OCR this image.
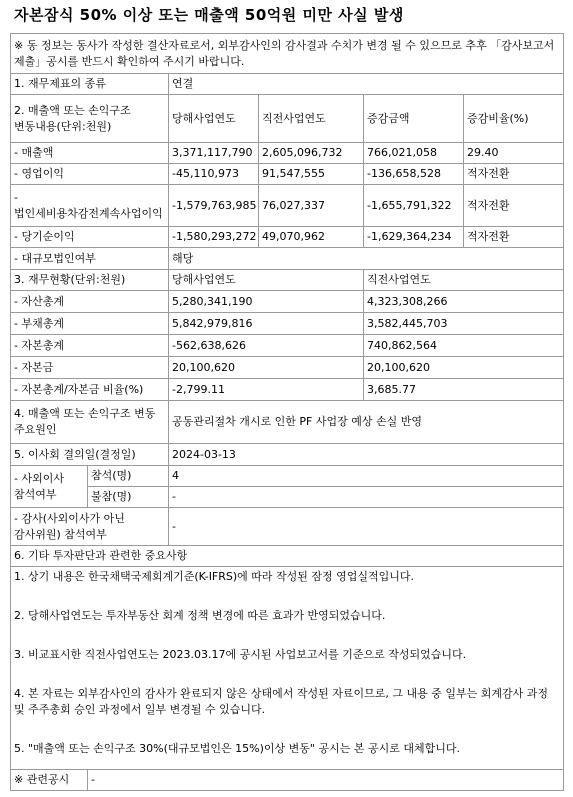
자본잠식 50% 이상 또는 매출액 50억원 미만 사실 발생
※ 동 정보는 동사가 작성한 결산자료로서, 외부감사인의 감사결과 수치가 변경 될 수 있으므로 추후 「감사보고서 제출」공시를 반드시 확인하여 주시기 바랍니다.					
1. 재무제표의 종류		연결			
2. 매출액 또는 손익구조 변동내용(단위:천원)		당해사업연도	직전사업연도	증감금액	증감비율(%)
- 매출액		3,371,117,790	2,605,096,732	766,021,058	29.40
- 영업이익		-45,110,973	91,547,555	-136,658,528	적자전환
- 법인세비용차감전계속사업이익		-1,579,763,985	76,027,337	-1,655,791,322	적자전환
- 당기순이익		-1,580,293,272	49,070,962	-1,629,364,234	적자전환
- 대규모법인여부		해당			
3. 재무현황(단위:천원)		당해사업연도		직전사업연도	
- 자산총계		5,280,341,190		4,323,308,266	
- 부채총계		5,842,979,816		3,582,445,703	
- 자본총계		-562,638,626		740,862,564	
- 자본금		20,100,620		20,100,620	
- 자본총계/자본금 비율(%)		-2,799.11		3,685.77	
4. 매출액 또는 손익구조 변동 주요원인		공동관리절차 개시로 인한 PF 사업장 예상 손실 반영			
5. 이사회 결의일(결정일)		2024-03-13			
- 사외이사 참석여부	참석(명)	4			
	불참(명)	-			
- 감사(사외이사가 아닌 감사위원) 참석여부		-			
6. 기타 투자판단과 관련한 중요사항					

1. 상기 내용은 한국채택국제회계기준(K-IFRS)에 따라 작성된 잠정 영업실적입니다.
2. 당해사업연도는 투자부동산 회계 정책 변경에 따른 효과가 반영되었습니다.
3. 비교표시한 직전사업연도는 2023.03.17에 공시된 사업보고서를 기준으로 작성되었습니다.
4. 본 자료는 외부감사인의 감사가 완료되지 않은 상태에서 작성된 자료이므로, 그 내용 중 일부는 회계감사 과정 및 주주총회 승인 과정에서 일부 변경될 수 있습니다.
5. "매출액 또는 손익구조 30%(대규모법인은 15%)이상 변동" 공시는 본 공시로 대체합니다.					

※ 관련공시	-				
